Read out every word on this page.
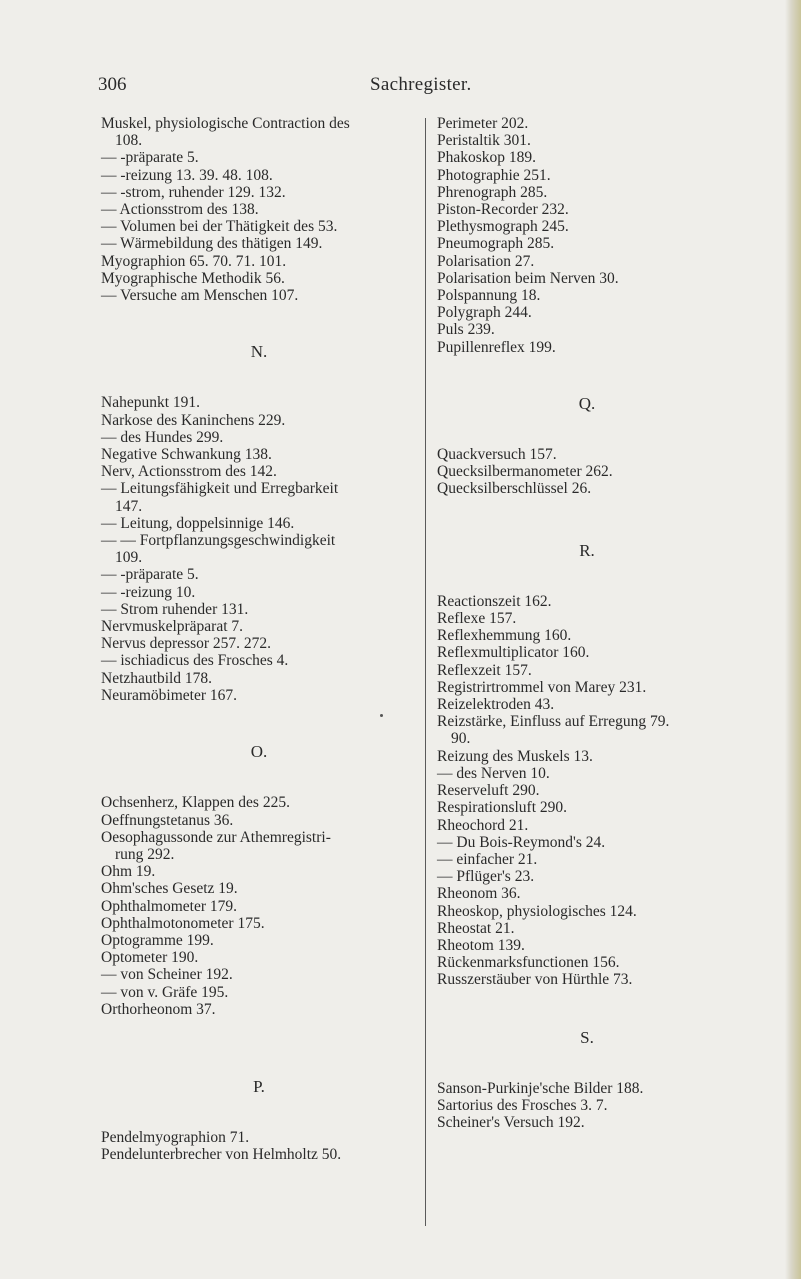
306	Sachregister.
Muskel, physiologische Contraction des
108.
— -präparate 5.
— -reizung 13. 39. 48. 108.
— -strom, ruhender 129. 132.
— Actionsstrom des 138.
— Volumen bei der Thätigkeit des 53.
— Wärmebildung des thätigen 149.
Myographion 65. 70. 71. 101.
Myographische Methodik 56.
— Versuche am Menschen 107.
N.
Nahepunkt 191.
Narkose des Kaninchens 229.
— des Hundes 299.
Negative Schwankung 138.
Nerv, Actionsstrom des 142.
— Leitungsfähigkeit und Erregbarkeit
147.
— Leitung, doppelsinnige 146.
— — Fortpflanzungsgeschwindigkeit
109.
— -präparate 5.
— -reizung 10.
— Strom ruhender 131.
Nervmuskelpräparat 7.
Nervus depressor 257. 272.
— ischiadicus des Frosches 4.
Netzhautbild 178.
Neuramöbimeter 167.
O.
Ochsenherz, Klappen des 225.
Oeffnungstetanus 36.
Oesophagussonde zur Athemregistri-
rung 292.
Ohm 19.
Ohm'sches Gesetz 19.
Ophthalmometer 179.
Ophthalmotonometer 175.
Optogramme 199.
Optometer 190.
— von Scheiner 192.
— von v. Gräfe 195.
Orthorheonom 37.
P.
Pendelmyographion 71.
Pendelunterbrecher von Helmholtz 50.
Perimeter 202.
Peristaltik 301.
Phakoskop 189.
Photographie 251.
Phrenograph 285.
Piston-Recorder 232.
Plethysmograph 245.
Pneumograph 285.
Polarisation 27.
Polarisation beim Nerven 30.
Polspannung 18.
Polygraph 244.
Puls 239.
Pupillenreflex 199.
Q.
Quackversuch 157.
Quecksilbermanometer 262.
Quecksilberschlüssel 26.
R.
Reactionszeit 162.
Reflexe 157.
Reflexhemmung 160.
Reflexmultiplicator 160.
Reflexzeit 157.
Registrirtrommel von Marey 231.
Reizelektroden 43.
Reizstärke, Einfluss auf Erregung 79.
90.
Reizung des Muskels 13.
— des Nerven 10.
Reserveluft 290.
Respirationsluft 290.
Rheochord 21.
— Du Bois-Reymond's 24.
— einfacher 21.
— Pflüger's 23.
Rheonom 36.
Rheoskop, physiologisches 124.
Rheostat 21.
Rheotom 139.
Rückenmarksfunctionen 156.
Russzerstäuber von Hürthle 73.
S.
Sanson-Purkinje'sche Bilder 188.
Sartorius des Frosches 3. 7.
Scheiner's Versuch 192.
